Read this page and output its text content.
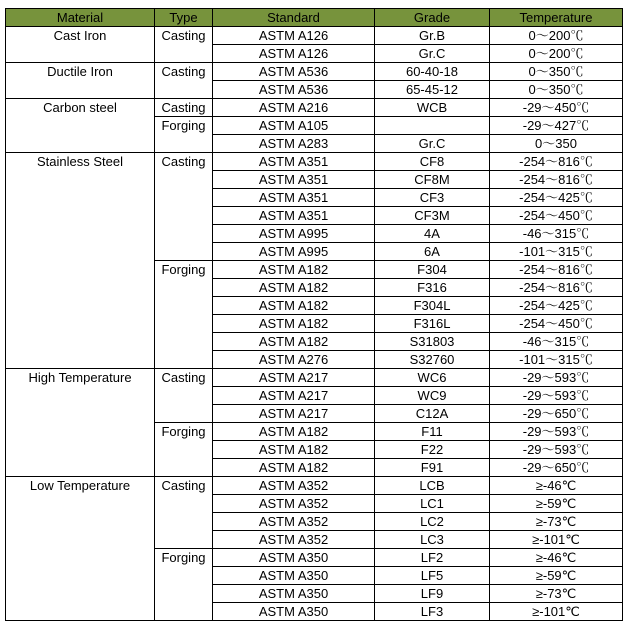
Material	Type	Standard	Grade	Temperature
Cast Iron	Casting	ASTM A126	Gr.B	0～200℃
		ASTM A126	Gr.C	0～200℃
Ductile Iron	Casting	ASTM A536	60-40-18	0～350℃
		ASTM A536	65-45-12	0～350℃
Carbon steel	Casting	ASTM A216	WCB	-29～450℃
	Forging	ASTM A105		-29～427℃
		ASTM A283	Gr.C	0～350
Stainless Steel	Casting	ASTM A351	CF8	-254～816℃
		ASTM A351	CF8M	-254～816℃
		ASTM A351	CF3	-254～425℃
		ASTM A351	CF3M	-254～450℃
		ASTM A995	4A	-46～315℃
		ASTM A995	6A	-101～315℃
	Forging	ASTM A182	F304	-254～816℃
		ASTM A182	F316	-254～816℃
		ASTM A182	F304L	-254～425℃
		ASTM A182	F316L	-254～450℃
		ASTM A182	S31803	-46～315℃
		ASTM A276	S32760	-101～315℃
High Temperature	Casting	ASTM A217	WC6	-29～593℃
		ASTM A217	WC9	-29～593℃
		ASTM A217	C12A	-29～650℃
	Forging	ASTM A182	F11	-29～593℃
		ASTM A182	F22	-29～593℃
		ASTM A182	F91	-29～650℃
Low Temperature	Casting	ASTM A352	LCB	≥-46℃
		ASTM A352	LC1	≥-59℃
		ASTM A352	LC2	≥-73℃
		ASTM A352	LC3	≥-101℃
	Forging	ASTM A350	LF2	≥-46℃
		ASTM A350	LF5	≥-59℃
		ASTM A350	LF9	≥-73℃
		ASTM A350	LF3	≥-101℃
